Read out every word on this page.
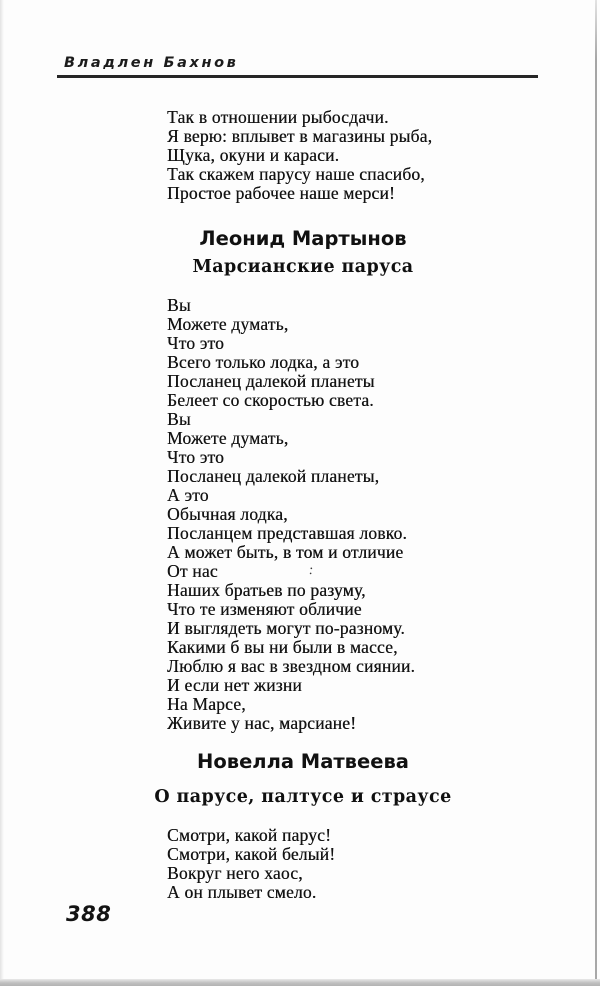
Владлен Бахнов
Так в отношении рыбосдачи.
Я верю: вплывет в магазины рыба,
Щука, окуни и караси.
Так скажем парусу наше спасибо,
Простое рабочее наше мерси!
Леонид Мартынов
Марсианские паруса
Вы
Можете думать,
Что это
Всего только лодка, а это
Посланец далекой планеты
Белеет со скоростью света.
Вы
Можете думать,
Что это
Посланец далекой планеты,
А это
Обычная лодка,
Посланцем представшая ловко.
А может быть, в том и отличие
От нас
Наших братьев по разуму,
Что те изменяют обличие
И выглядеть могут по-разному.
Какими б вы ни были в массе,
Люблю я вас в звездном сиянии.
И если нет жизни
На Марсе,
Живите у нас, марсиане!
:
Новелла Матвеева
О парусе, палтусе и страусе
Смотри, какой парус!
Смотри, какой белый!
Вокруг него хаос,
А он плывет смело.
388
